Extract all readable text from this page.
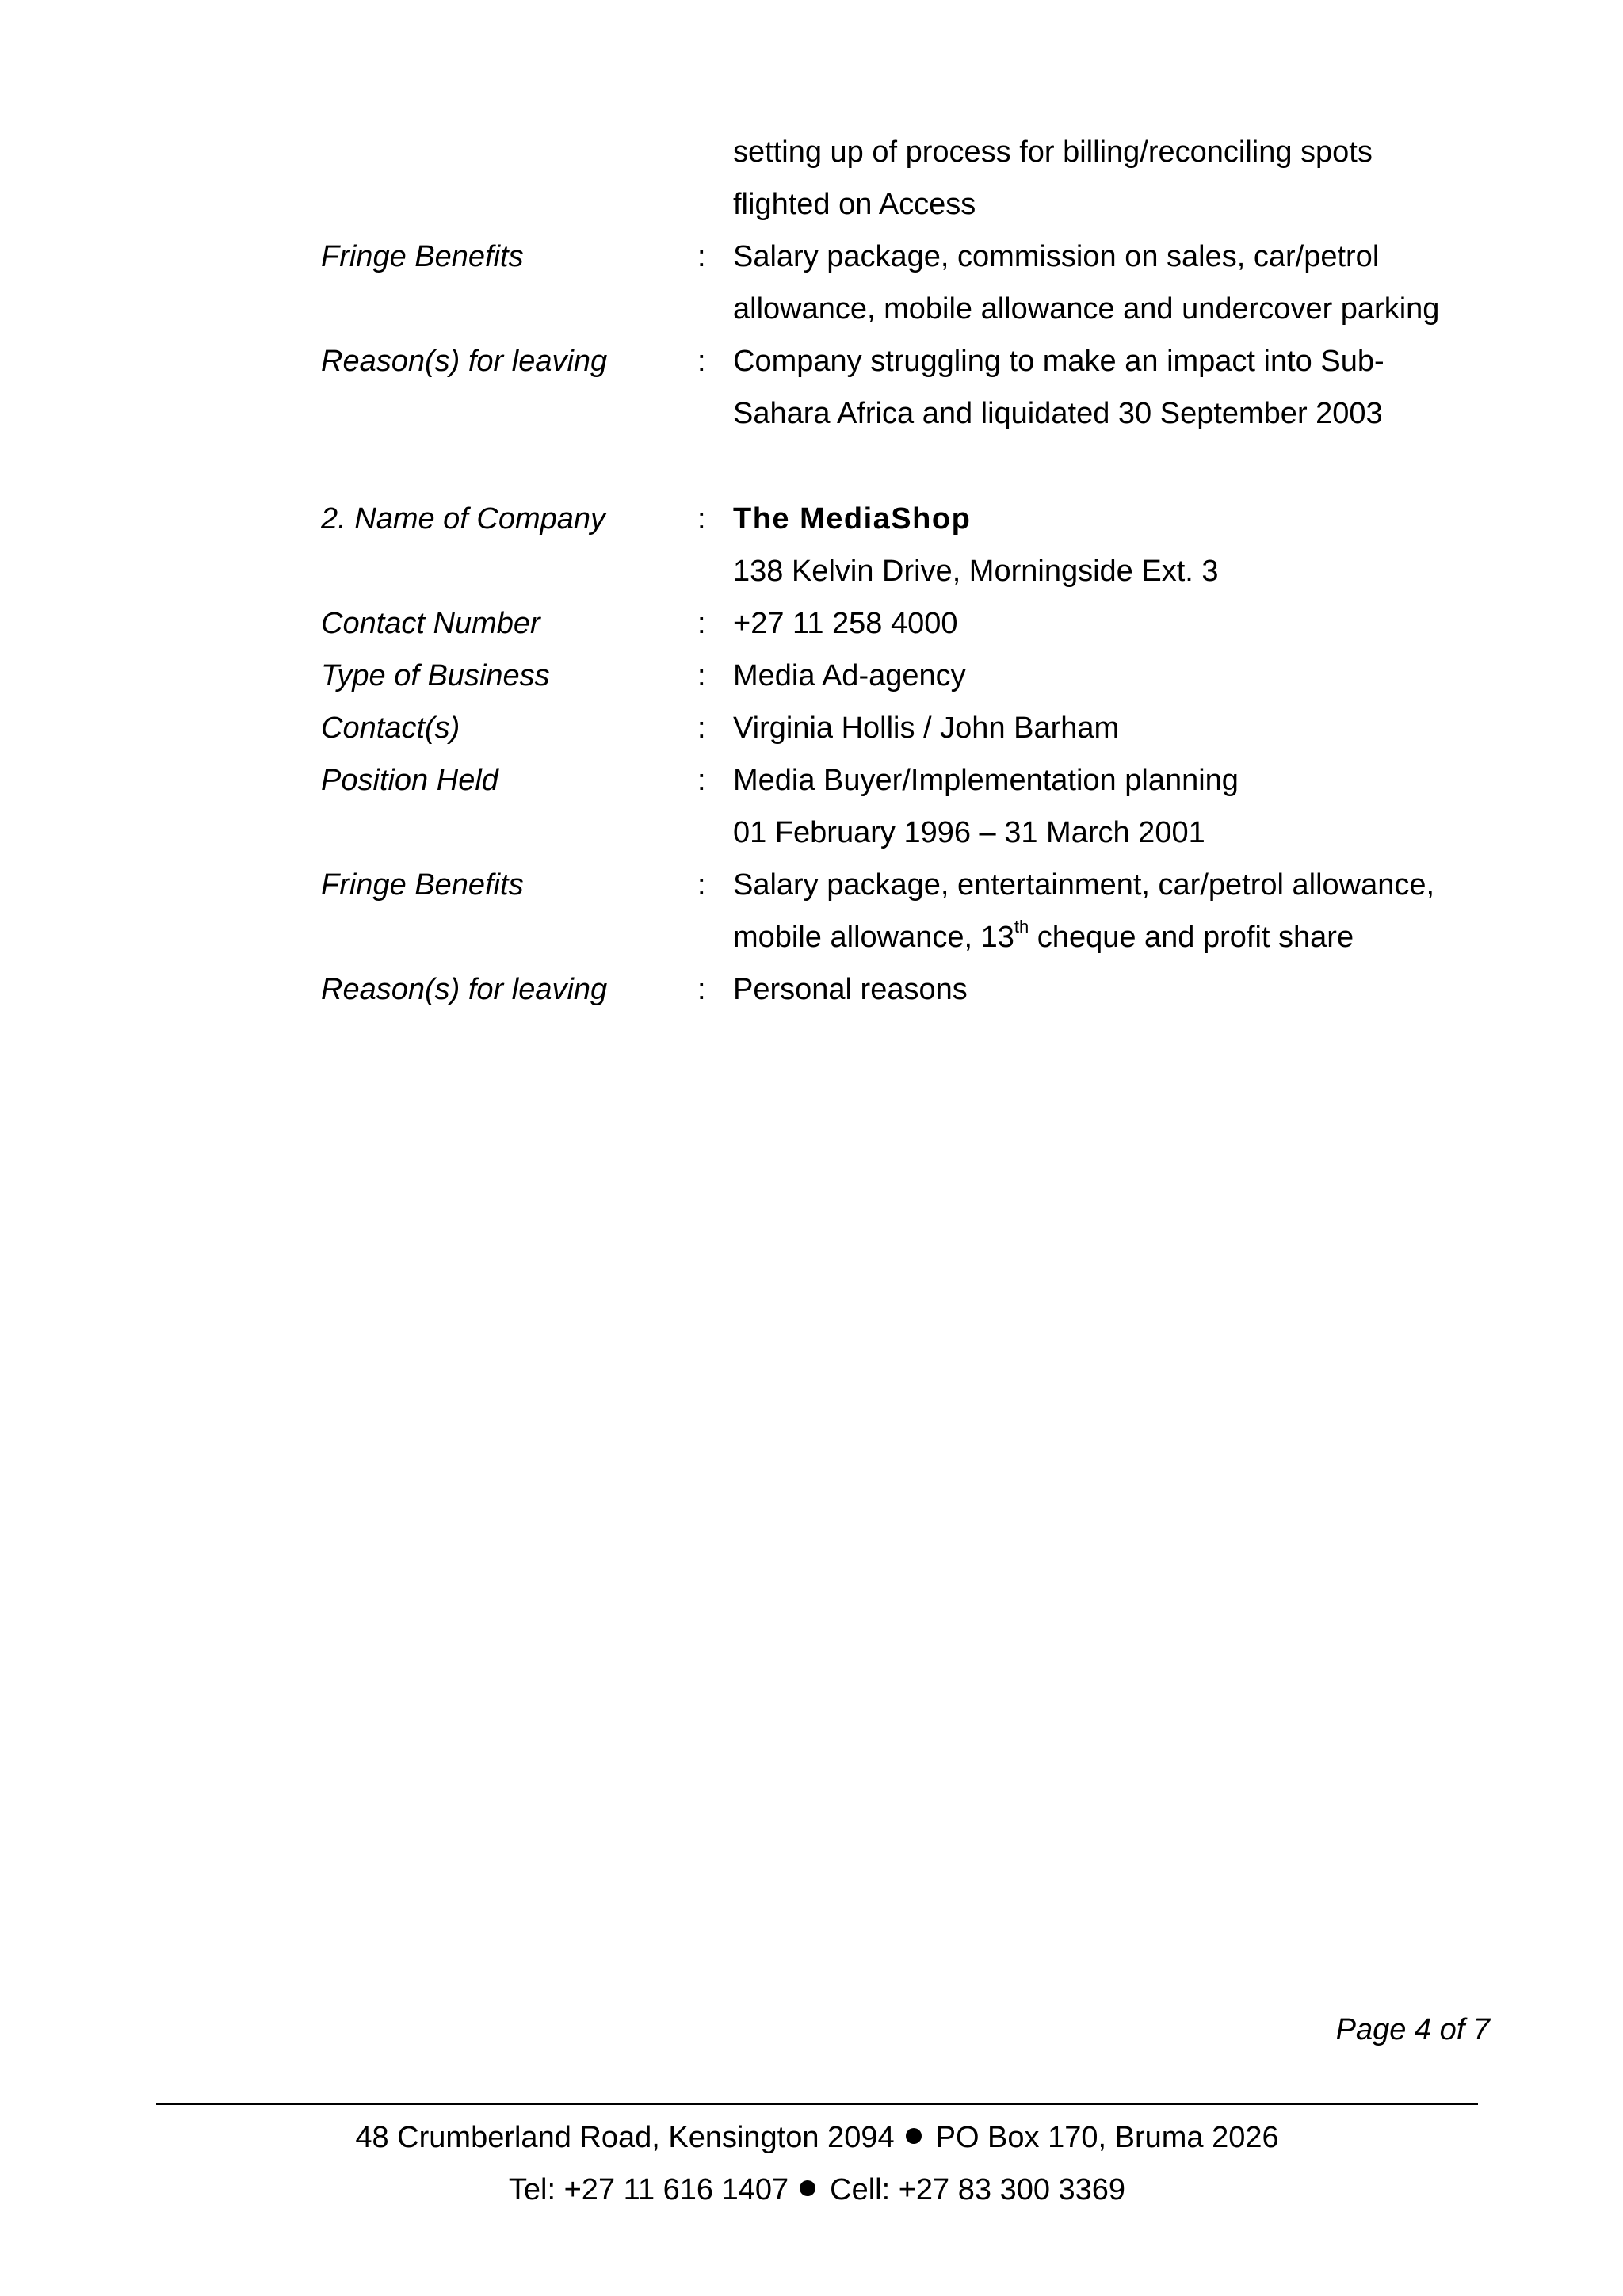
setting up of process for billing/reconciling spots
flighted on Access
Fringe Benefits	: Salary package, commission on sales, car/petrol
allowance, mobile allowance and undercover parking
Reason(s) for leaving	: Company struggling to make an impact into Sub-
Sahara Africa and liquidated 30 September 2003
2. Name of Company	: The MediaShop
138 Kelvin Drive, Morningside Ext. 3
Contact Number	: +27 11 258 4000
Type of Business	: Media Ad-agency
Contact(s)	: Virginia Hollis / John Barham
Position Held	: Media Buyer/Implementation planning
01 February 1996 – 31 March 2001
Fringe Benefits	: Salary package, entertainment, car/petrol allowance,
mobile allowance, 13th cheque and profit share
Reason(s) for leaving	: Personal reasons
Page 4 of 7
48 Crumberland Road, Kensington 2094 PO Box 170, Bruma 2026
Tel: +27 11 616 1407 Cell: +27 83 300 3369
